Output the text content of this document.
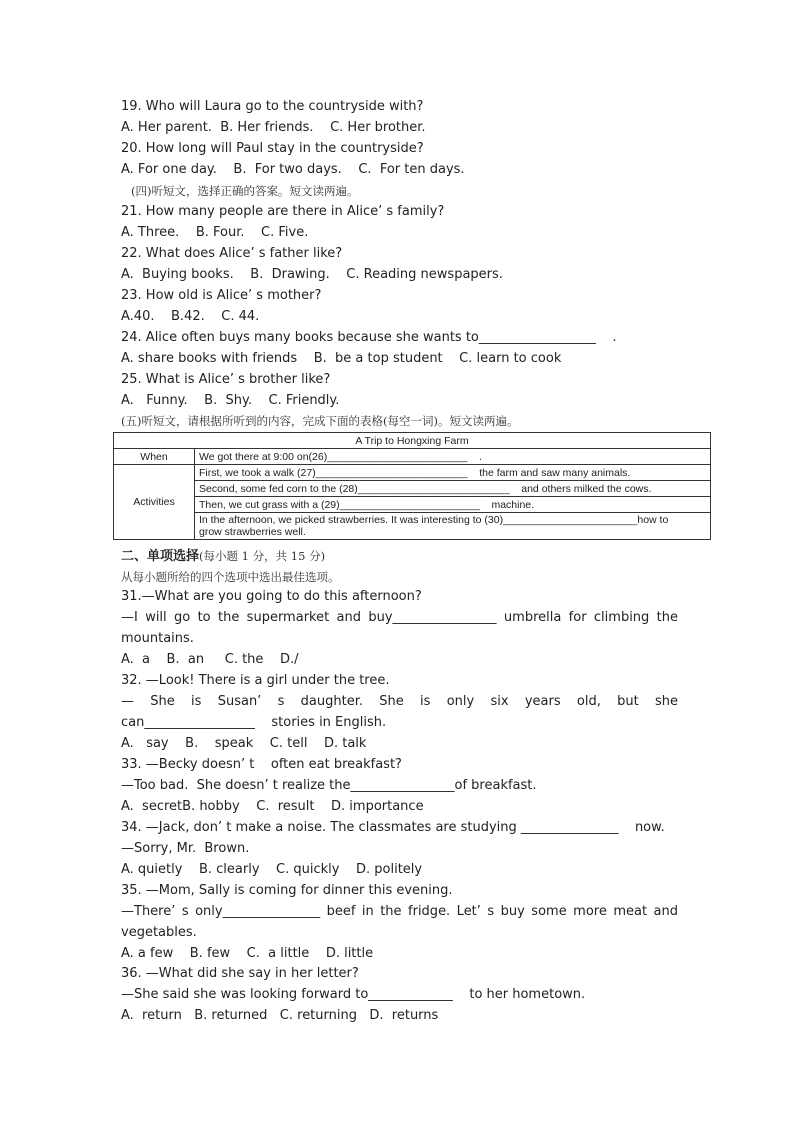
19. Who will Laura go to the countryside with?
A. Her parent.  B. Her friends.    C. Her brother.
20. How long will Paul stay in the countryside?
A. For one day.    B.  For two days.    C.  For ten days.
(四)听短文，选择正确的答案。短文读两遍。
21. How many people are there in Alice’ s family?
A. Three.    B. Four.    C. Five.
22. What does Alice’ s father like?
A.  Buying books.    B.  Drawing.    C. Reading newspapers.
23. How old is Alice’ s mother?
A.40.    B.42.    C. 44.
24. Alice often buys many books because she wants to__________________    .
A. share books with friends    B.  be a top student    C. learn to cook
25. What is Alice’ s brother like?
A.   Funny.    B.  Shy.    C. Friendly.
(五)听短文，请根据所听到的内容，完成下面的表格(每空一词)。短文读两遍。
A Trip to Hongxing Farm	
When	We got there at 9:00 on(26)________________________    .
Activities	First, we took a walk (27)__________________________    the farm and saw many animals.
	Second, some fed corn to the (28)__________________________    and others milked the cows.
	Then, we cut grass with a (29)________________________    machine.
	In the afternoon, we picked strawberries. It was interesting to (30)_______________________how to
grow strawberries well.
二、单项选择(每小题 1 分，共 15 分)
从每小题所给的四个选项中选出最佳选项。
31.—What are you going to do this afternoon?
—I will go to the supermarket and buy________________ umbrella for climbing the
mountains.
A.  a    B.  an     C. the    D./
32. —Look! There is a girl under the tree.
— She is Susan’ s daughter. She is only six years old, but she
can_________________    stories in English.
A.   say    B.    speak    C. tell    D. talk
33. —Becky doesn’ t    often eat breakfast?
—Too bad.  She doesn’ t realize the________________of breakfast.
A.  secretB. hobby    C.  result    D. importance
34. —Jack, don’ t make a noise. The classmates are studying _______________    now.
—Sorry, Mr.  Brown.
A. quietly    B. clearly    C. quickly    D. politely
35. —Mom, Sally is coming for dinner this evening.
—There’ s only_______________ beef in the fridge. Let’ s buy some more meat and
vegetables.
A. a few    B. few    C.  a little    D. little
36. —What did she say in her letter?
—She said she was looking forward to_____________    to her hometown.
A.  return   B. returned   C. returning   D.  returns
